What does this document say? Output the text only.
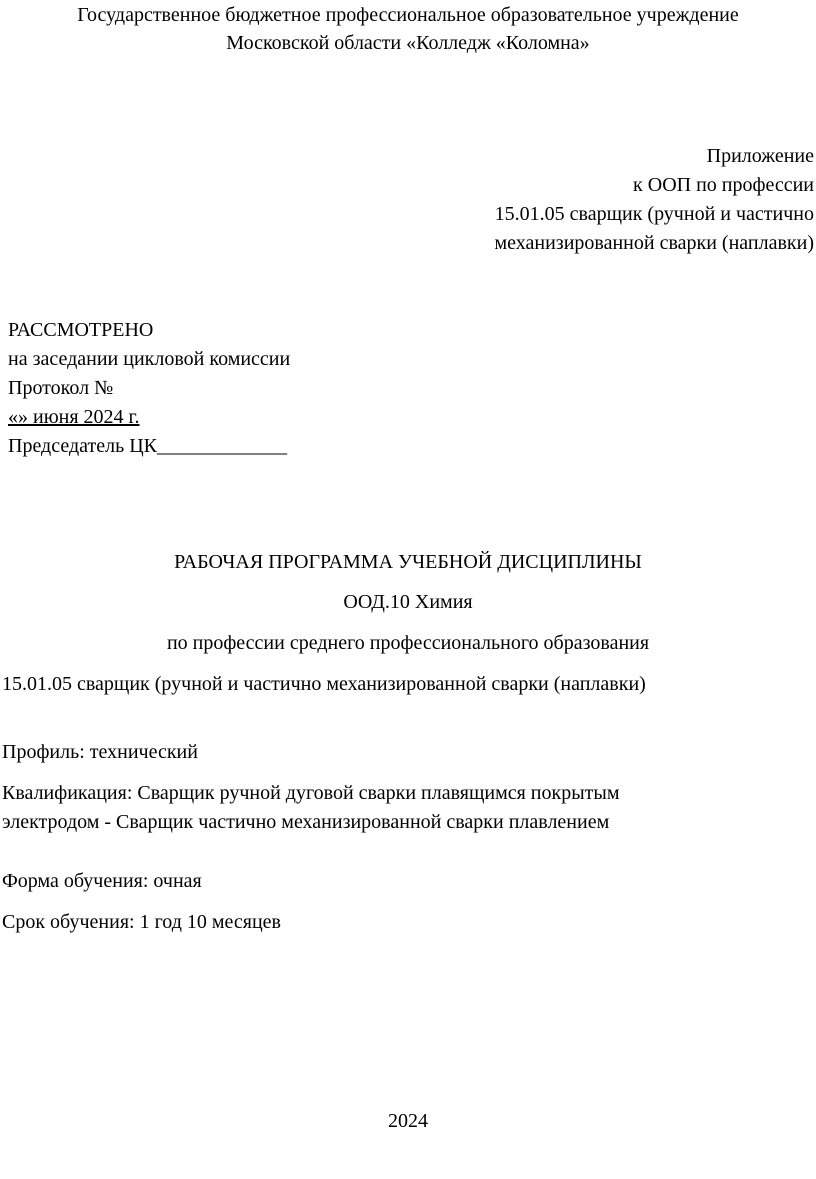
Государственное бюджетное профессиональное образовательное учреждение
Московской области «Колледж «Коломна»
Приложение
к ООП по профессии
15.01.05 сварщик (ручной и частично
механизированной сварки (наплавки)
РАССМОТРЕНО
на заседании цикловой комиссии
Протокол №
«» июня 2024 г.
Председатель ЦК_____________
РАБОЧАЯ ПРОГРАММА УЧЕБНОЙ ДИСЦИПЛИНЫ
ООД.10 Химия
по профессии среднего профессионального образования
15.01.05 сварщик (ручной и частично механизированной сварки (наплавки)
Профиль: технический
Квалификация: Сварщик ручной дуговой сварки плавящимся покрытым
электродом - Сварщик частично механизированной сварки плавлением
Форма обучения: очная
Срок обучения: 1 год 10 месяцев
2024
